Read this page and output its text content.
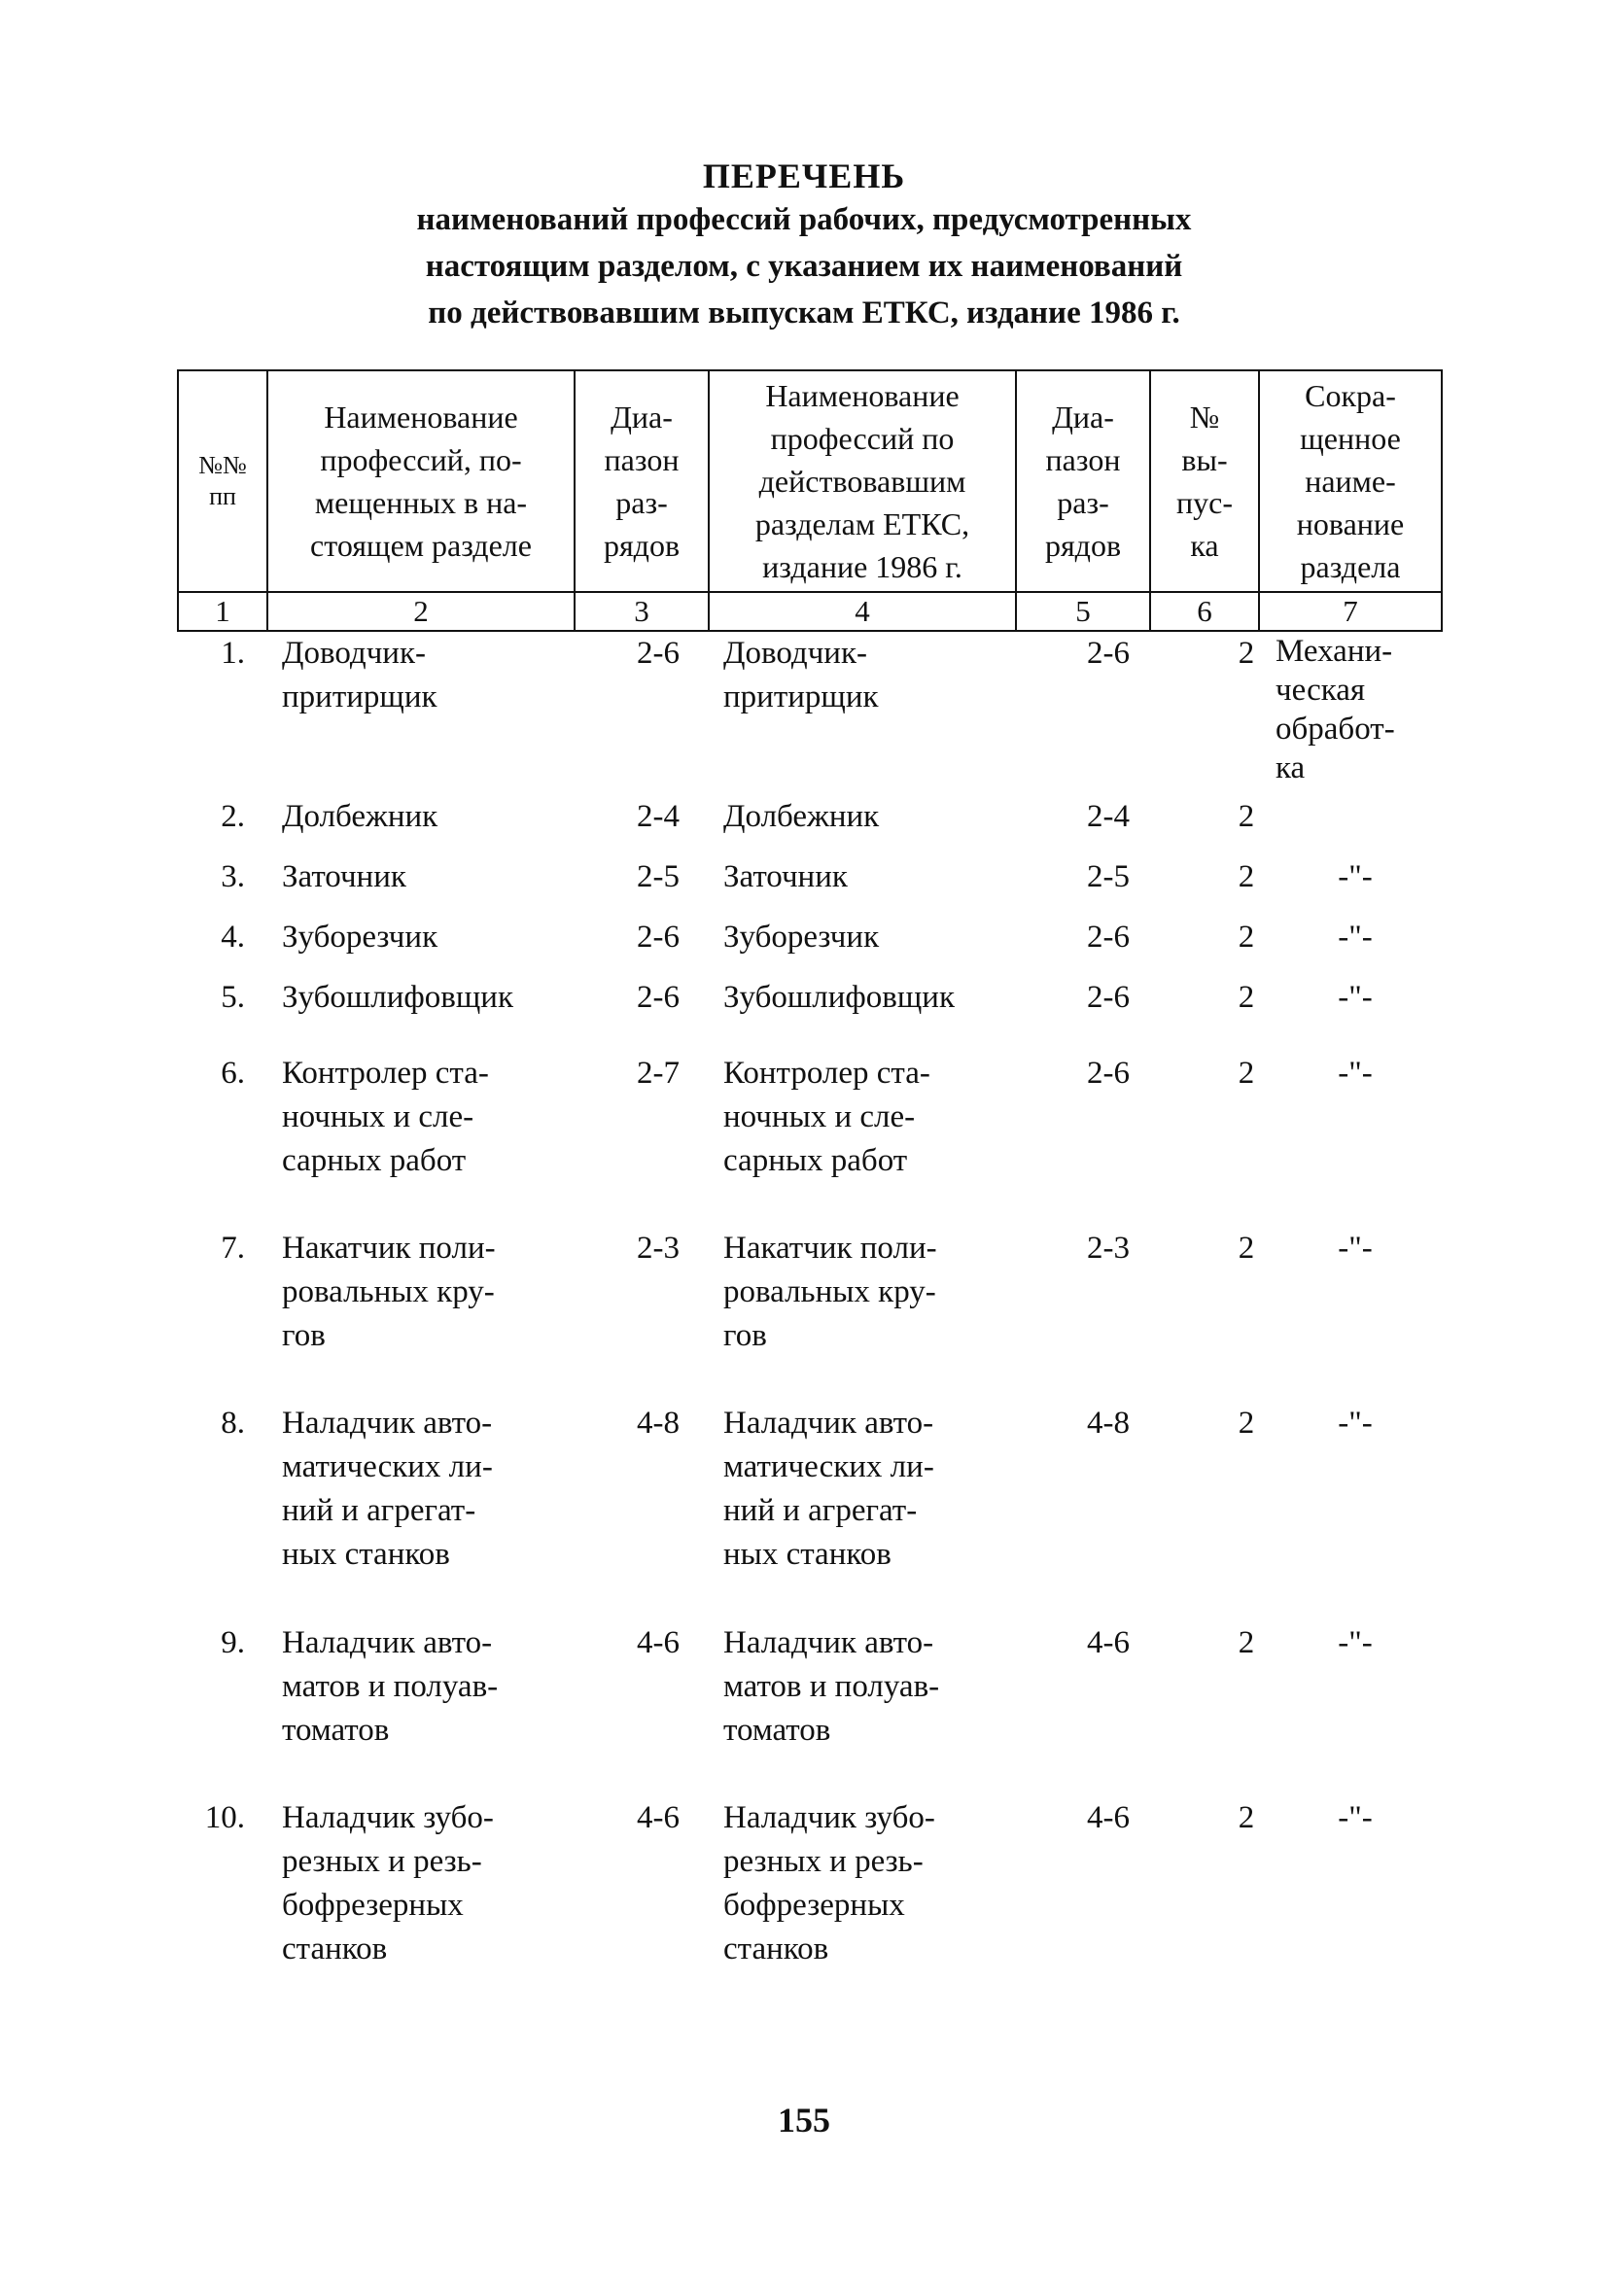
ПЕРЕЧЕНЬ
наименований профессий рабочих, предусмотренных
настоящим разделом, с указанием их наименований
по действовавшим выпускам ЕТКС, издание 1986 г.
№№
пп	Наименование
профессий, по-
мещенных в на-
стоящем разделе	Диа-
пазон
раз-
рядов	Наименование
профессий по
действовавшим
разделам ЕТКС,
издание 1986 г.	Диа-
пазон
раз-
рядов	№
вы-
пус-
ка	Сокра-
щенное
наиме-
нование
раздела
1	2	3	4	5	6	7
1. Доводчик-
притирщик
2-6	Доводчик-
притирщик
2-6	2 Механи-
ческая
обработ-
ка
2. Долбежник	2-4	Долбежник	2-4	2
3. Заточник	2-5	Заточник	2-5	2	-"-
4. Зуборезчик	2-6	Зуборезчик	2-6	2	-"-
5. Зубошлифовщик	2-6	Зубошлифовщик	2-6	2	-"-
6. Контролер ста-
ночных и сле-
сарных работ
2-7	Контролер ста-
ночных и сле-
сарных работ
2-6	2	-"-
7. Накатчик поли-
ровальных кру-
гов
2-3	Накатчик поли-
ровальных кру-
гов
2-3	2	-"-
8. Наладчик авто-
матических ли-
ний и агрегат-
ных станков
4-8	Наладчик авто-
матических ли-
ний и агрегат-
ных станков
4-8	2	-"-
9. Наладчик авто-
матов и полуав-
томатов
4-6	Наладчик авто-
матов и полуав-
томатов
4-6	2	-"-
10. Наладчик зубо-
резных и резь-
бофрезерных
станков
4-6	Наладчик зубо-
резных и резь-
бофрезерных
станков
4-6	2	-"-
155
